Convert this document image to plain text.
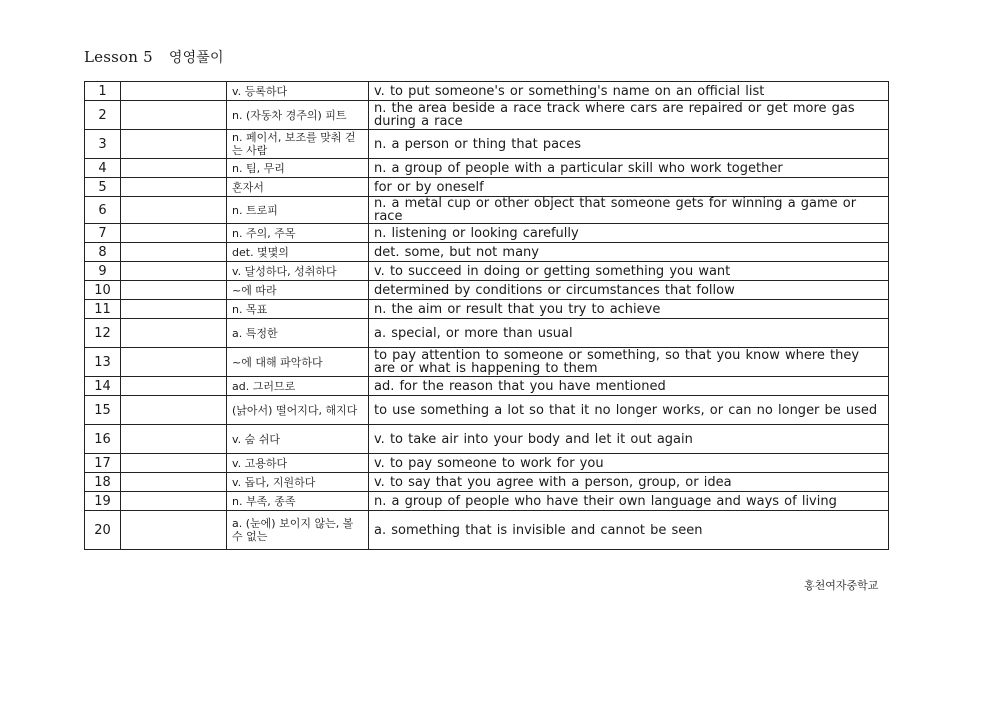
Lesson 5 영영풀이
1		v. 등록하다	v. to put someone's or something's name on an official list
2		n. (자동차 경주의) 피트	n. the area beside a race track where cars are repaired or get more gas during a race
3		n. 페이서, 보조를 맞춰 걷는 사람	n. a person or thing that paces
4		n. 팀, 무리	n. a group of people with a particular skill who work together
5		혼자서	for or by oneself
6		n. 트로피	n. a metal cup or other object that someone gets for winning a game or race
7		n. 주의, 주목	n. listening or looking carefully
8		det. 몇몇의	det. some, but not many
9		v. 달성하다, 성취하다	v. to succeed in doing or getting something you want
10		~에 따라	determined by conditions or circumstances that follow
11		n. 목표	n. the aim or result that you try to achieve
12		a. 특정한	a. special, or more than usual
13		~에 대해 파악하다	to pay attention to someone or something, so that you know where they are or what is happening to them
14		ad. 그러므로	ad. for the reason that you have mentioned
15		(낡아서) 떨어지다, 해지다	to use something a lot so that it no longer works, or can no longer be used
16		v. 숨 쉬다	v. to take air into your body and let it out again
17		v. 고용하다	v. to pay someone to work for you
18		v. 돕다, 지원하다	v. to say that you agree with a person, group, or idea
19		n. 부족, 종족	n. a group of people who have their own language and ways of living
20		a. (눈에) 보이지 않는, 볼 수 없는	a. something that is invisible and cannot be seen
홍천여자중학교
